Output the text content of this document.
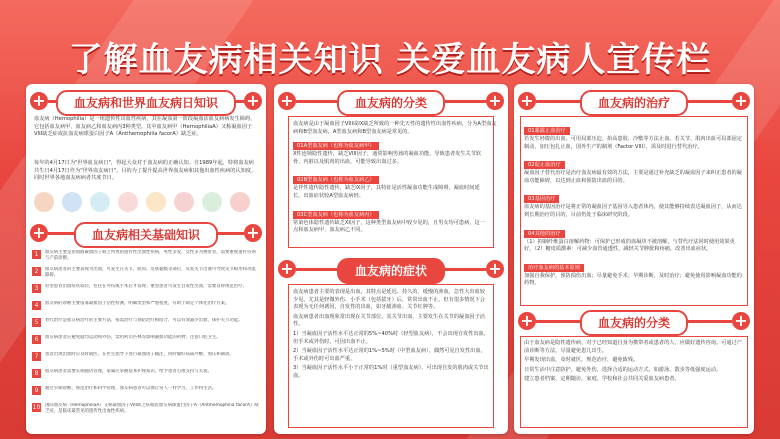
了解血友病相关知识 关爱血友病人宣传栏
+	+
血友病和世界血友病日知识
血友病（Hemophilia）是一组遗传性出血性疾病，其在凝血第一阶段凝血活血友病病发生障碍，它包括血友病甲、血友病乙和血友病丙3种类型。其中血友病甲（HernophiliaA）又称凝血因子VIII缺乏症或抗血友病球蛋白因子A（Antihemophilia facorA）缺乏症。
每年的4月17日为"世界血友病日"，得起大众对于血友病的正确认知。自1989年起，特将血友病共生日4月17日作为"世界血友病日"。目的为了提升提高世界血友病和其他出血性疾病的认知度。同时世界各地血友病病者共度节日。
+	+
血友病相关基础知识
1	血友病主要是由血液凝血因子缺乏所致的遗传性出血性疾病，男性多发，女性多为携带者，需要重视遗传咨询与产前诊断。
2	血友病患者的主要表现为出血，可发生在关节、肌肉、皮肤黏膜等部位，反复关节出血可导致关节畸形和功能障碍。
3	轻型患者出血症状较轻，往往在外伤或手术后才发现；重型患者可发生自发性出血，需要及时规范治疗。
4	血友病的诊断主要依靠凝血因子活性检测，明确类型和严重程度，有助于制定个体化治疗方案。
5	替代治疗是血友病治疗的主要方法，按需治疗与预防治疗相结合，可以有效减少出血，保护关节功能。
6	血友病患者应避免剧烈运动和外伤，禁用阿司匹林等影响凝血功能的药物，注意口腔卫生。
7	患者出现出血时应及时就医，在医生指导下进行凝血因子输注，同时做好局部冷敷、加压和制动。
8	血友病患者需要长期随访管理，家属应掌握基本护理知识，给予患者心理支持与关爱。
9	通过早期诊断、规范治疗和科学管理，血友病患者可以像正常人一样学习、工作和生活。
10 国际血友病（HemophiliaA）又称凝血因子VIII缺乏症或抗血友病球蛋白因子A（Antihemophilia facorA）缺乏症，是临床最常见的遗传性出血性疾病。
+	+
血友病的分类
血友病是由于凝血因子VIII或IX缺乏所致的一种先天性的遗传性出血性疾病，分为A型血友病和B型血友病，A型血友病和B型血友病是常见的。
01A型血友病（也称为血友病甲）
X性连锁隐性遗传，缺乏VIII因子，通常影响男孩的凝血功能，导致患者发生关节软骨、内脏以及肌肉的出血，可能导致出血过多。
02B型血友病（也称为血友病乙）
是伴性遗传隐性遗传，缺乏IX因子，其特征是活性凝血功能生成障碍，凝血时间延长，出血症状较A型血友病轻。
03C型血友病（也称为血友病丙）
常染色体隐性遗传缺乏XI因子，这种类型血友病中较少见的，且男女均可患病，这一点和血友病甲、血友病乙不同。
+	+
血友病的症状
血友病患者主要的表现是出血，其特点是延迟、持久的、缓慢的渗血，急性大出血较少见，尤其是轻微外伤、小手术（包括拔牙）后，常常出血不止，但有很多情况下会表现为无任何诱因，自发性的出血，如牙龈渗血、关节红肿等。
血友病患者出血现象常出现在关节部位，其关节出血，主要发生在关节的凝血因子活性。
1）当凝血因子活性水平达正常的5%~40%时（轻型血友病），不会出现自发性出血，但手术或外伤时，可因出血不止。
2）当凝血因子活性水平达正常的1%~5%时（中型血友病），偶然可见自发性出血，手术或外伤时可出血严重。
3）当凝血因子活性水平小于正常的1%时（重型血友病），可出现自发的肌肉或关节出血。
+	+
血友病的治疗
01暴露止血治疗
若发生轻微的出血，可用局部压迫、抬高患肢、冷敷等方法止血，若关节、肌肉出血可局部固定制动，加压包扎止血，国外生产的制剂（Factor VIII），需及时进行替代治疗。
02促止血治疗
凝血因子替代治疗是治疗血友病最有效的方法，主要是通过补充缺乏的凝血因子来纠正患者的凝血功能障碍，以达到止血和预防出血的目的。
03基因治疗
血友病的基因治疗是将正常的凝血因子基因导入患者体内，使其能够持续表达凝血因子，从而达到长期治疗的目的，目前仍处于临床研究阶段。
04其他的治疗
（1）抑制纤维蛋白溶解药物：可保护已形成的血凝块不被溶解，与替代疗法同时使用效果更好。（2）糖皮质激素：可减少血管通透性，减轻关节肿胀和疼痛，改善出血症状。
治疗血友病的基本原则
加强自我保护，预防损伤出血；尽量避免手术；早期诊断，及时治疗；避免使用影响凝血功能的药物。
+	+
血友病的分类
由于血友病是隐性遗传病，对于已经知道自身为携带者或患者的人，应做好遗传咨询。可通过产前诊断等方法，尽量避免患儿出生。
早期发现出血，及时就医，规范治疗，避免致残。
日常生活中注意防护，避免外伤，选择合适的运动方式，如游泳、散步等低强度运动。
建立患者档案，定期随访，家庭、学校和社会共同关爱血友病患者。
